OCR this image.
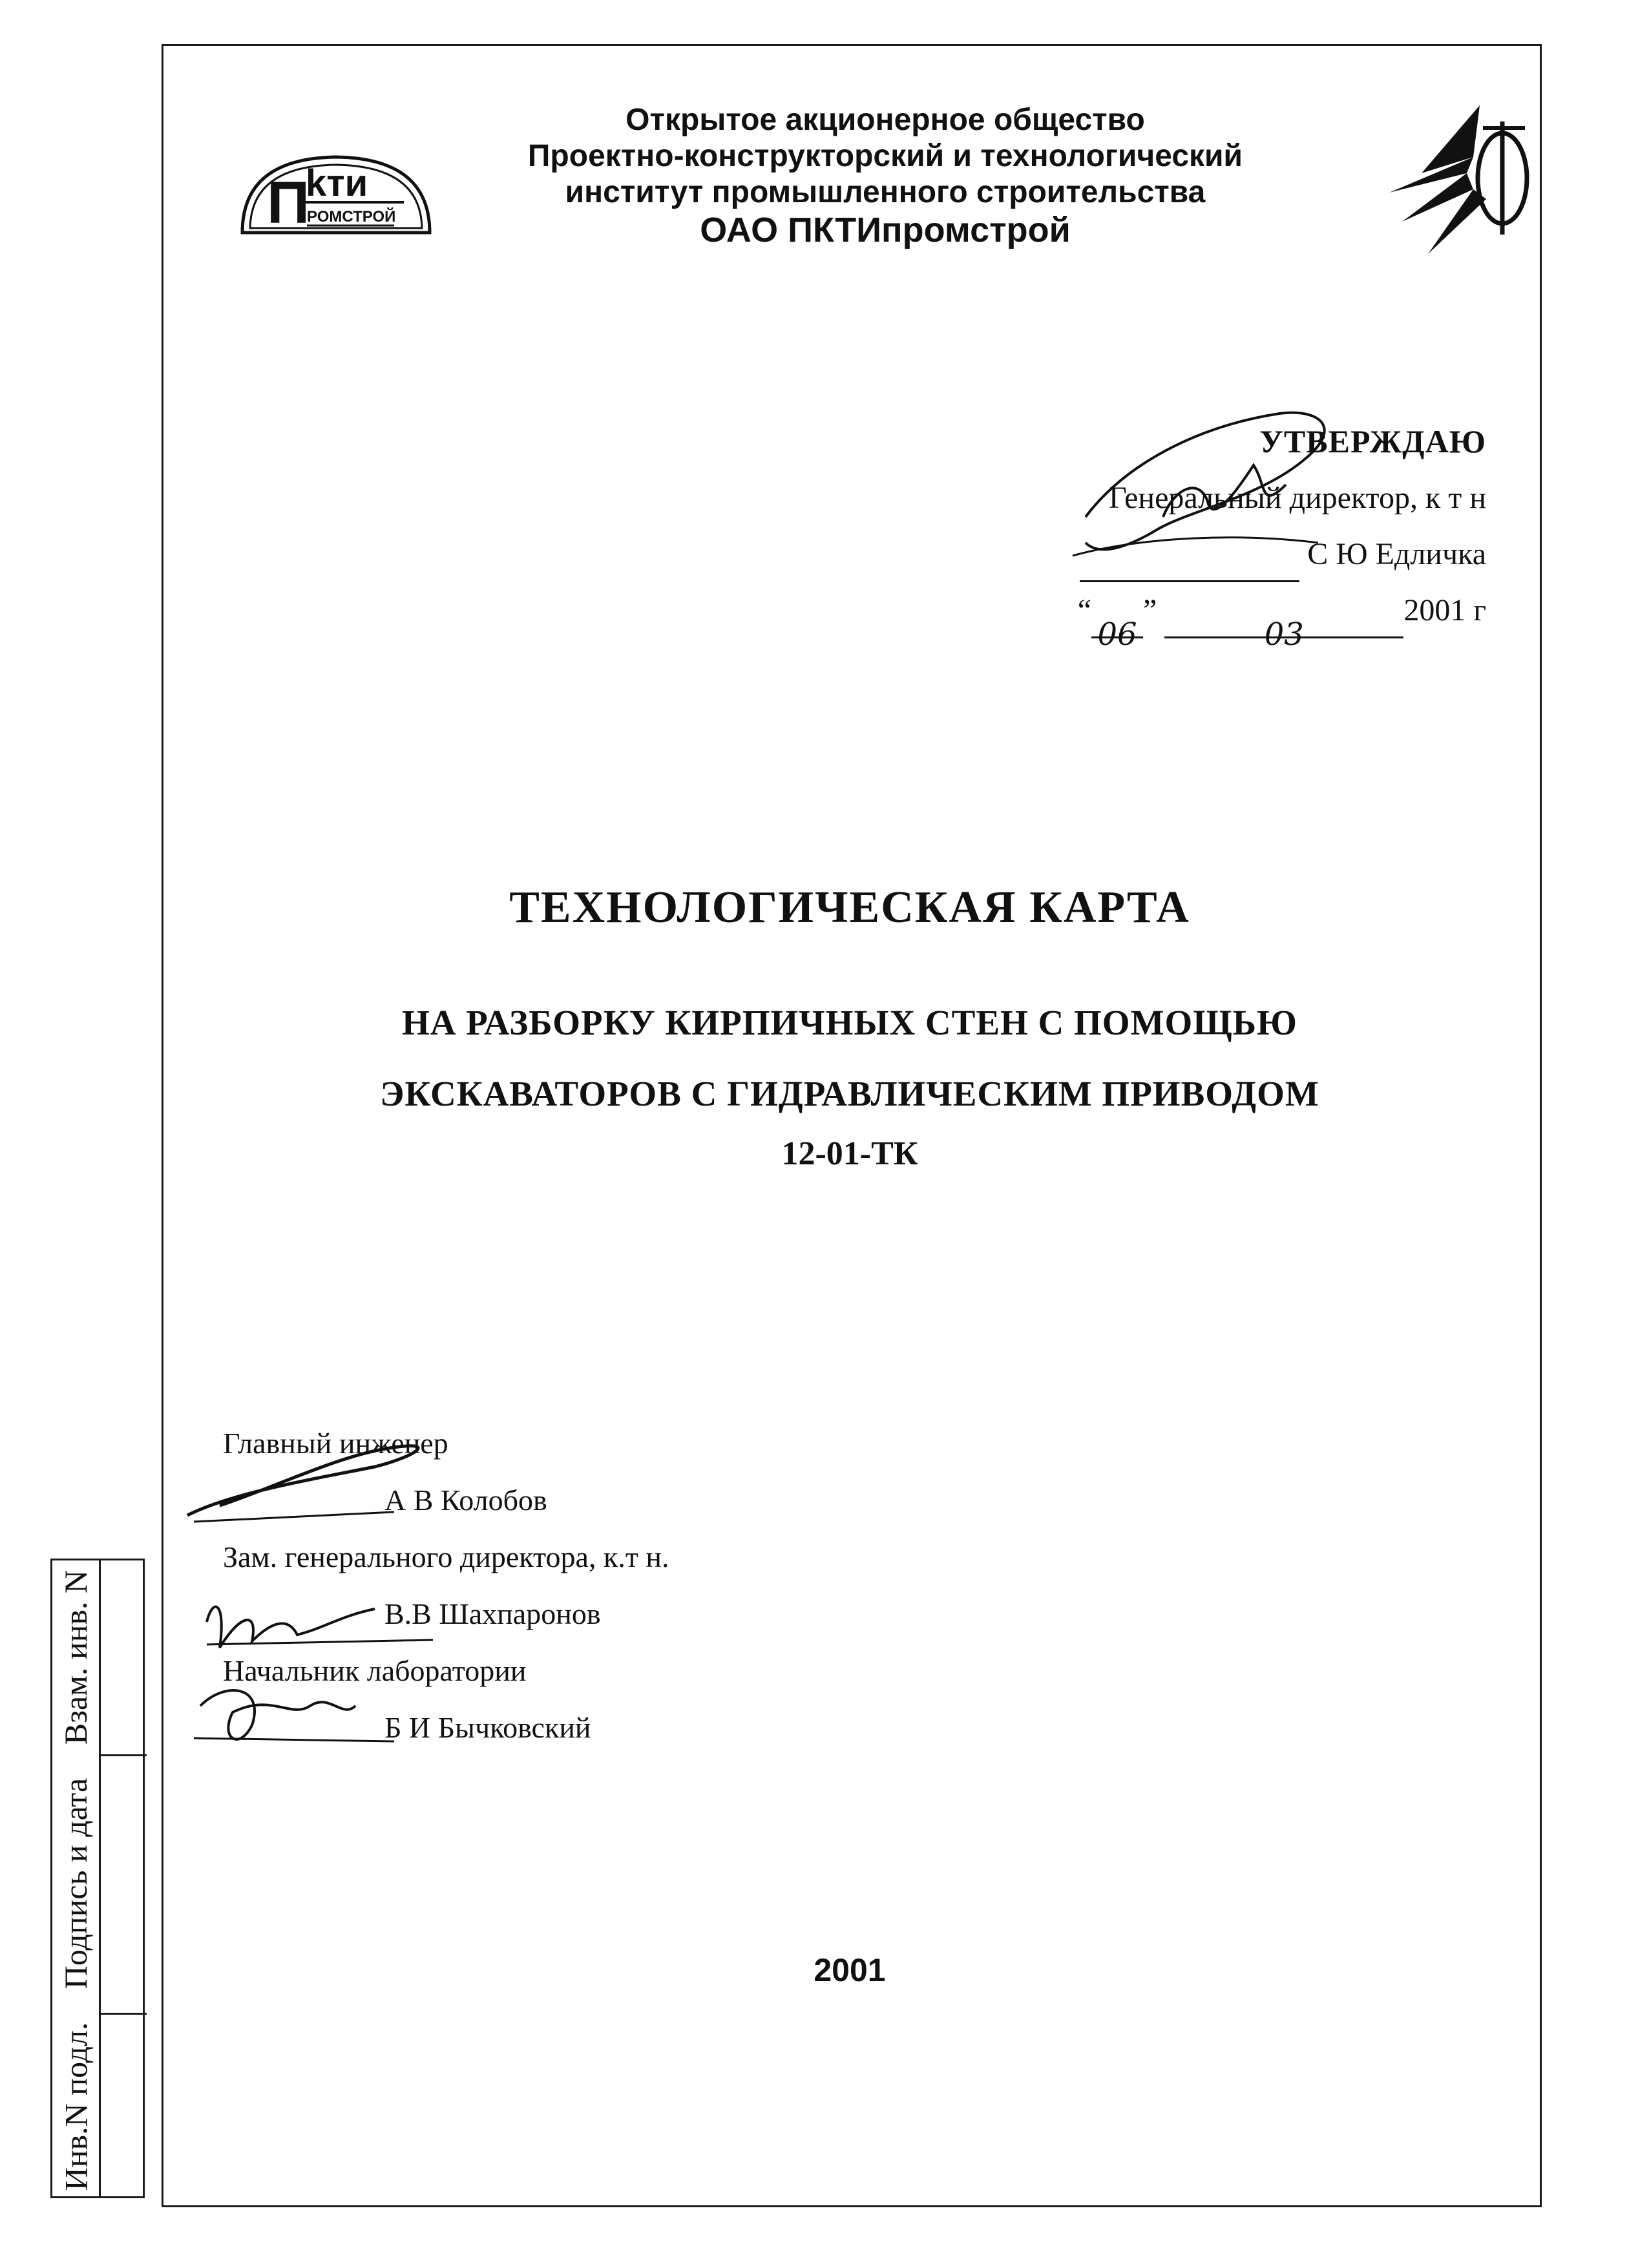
П
kти
РОМСТРОЙ
Открытое акционерное общество
Проектно-конструкторский и технологический
институт промышленного строительства
ОАО ПКТИпромстрой
УТВЕРЖДАЮ
Генеральный директор, к т н
С Ю Едличка
“06” 032001 г
ТЕХНОЛОГИЧЕСКАЯ КАРТА
НА РАЗБОРКУ КИРПИЧНЫХ СТЕН С ПОМОЩЬЮ
ЭКСКАВАТОРОВ С ГИДРАВЛИЧЕСКИМ ПРИВОДОМ
12-01-ТК
Главный инженер
А В Колобов
Зам. генерального директора, к.т н.
В.В Шахпаронов
Начальник лаборатории
Б И Бычковский
2001
Взам. инв. N
Подпись и дата
Инв.N подл.
